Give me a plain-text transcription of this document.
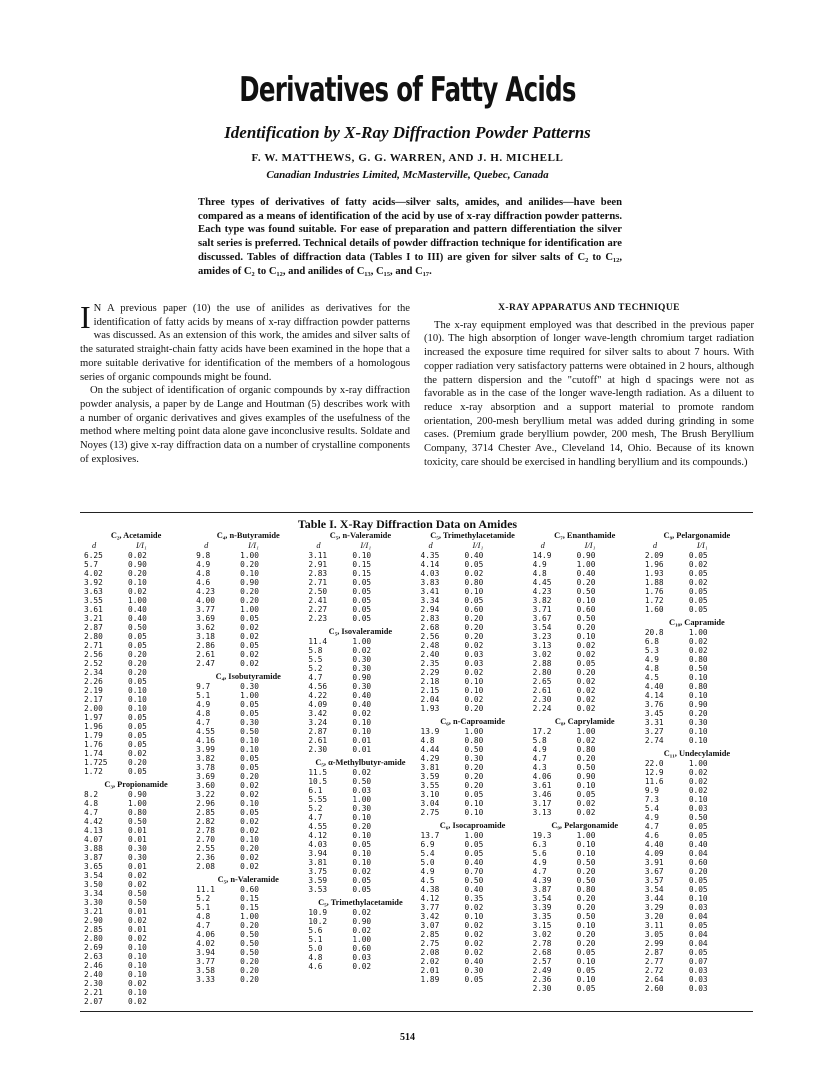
Derivatives of Fatty Acids
Identification by X-Ray Diffraction Powder Patterns
F. W. MATTHEWS, G. G. WARREN, AND J. H. MICHELL
Canadian Industries Limited, McMasterville, Quebec, Canada
Three types of derivatives of fatty acids—silver salts, amides, and anilides—have been compared as a means of identification of the acid by use of x-ray diffraction powder patterns. Each type was found suitable. For ease of preparation and pattern differentiation the silver salt series is preferred. Technical details of powder diffraction technique for identification are discussed. Tables of diffraction data (Tables I to III) are given for silver salts of C₂ to C₁₂, amides of C₂ to C₁₂, and anilides of C₁₃, C₁₅, and C₁₇.

I N A previous paper (10) the use of anilides as derivatives for the identification of fatty acids by means of x-ray diffraction powder patterns was discussed. As an extension of this work, the amides and silver salts of the saturated straight-chain fatty acids have been examined in the hope that a more suitable derivative for identification of the members of a homologous series of organic compounds might be found.

On the subject of identification of organic compounds by x-ray diffraction powder analysis, a paper by de Lange and Houtman (5) describes work with a number of organic derivatives and gives examples of the usefulness of the method where melting point data alone gave inconclusive results. Soldate and Noyes (13) give x-ray diffraction data on a number of crystalline components of explosives.

X-RAY APPARATUS AND TECHNIQUE

The x-ray equipment employed was that described in the previous paper (10). The high absorption of longer wave-length chromium target radiation increased the exposure time required for silver salts to about 7 hours. With copper radiation very satisfactory patterns were obtained in 2 hours, although the pattern dispersion and the "cutoff" at high d spacings were not as favorable as in the case of the longer wave-length radiation. As a diluent to reduce x-ray absorption and a support material to promote random orientation, 200-mesh beryllium metal was added during grinding in some cases. (Premium grade beryllium powder, 200 mesh, The Brush Beryllium Company, 3714 Chester Ave., Cleveland 14, Ohio. Because of its known toxicity, care should be exercised in handling beryllium and its compounds.)

Table I. X-Ray Diffraction Data on Amides
C₂, Acetamide
d	I/I₁
6.25	0.02
5.7	0.90
4.02	0.20
3.92	0.10
3.63	0.02
3.55	1.00
3.61	0.40
3.21	0.40
2.87	0.50
2.80	0.05
2.71	0.05
2.56	0.20
2.52	0.20
2.34	0.20
2.26	0.05
2.19	0.10
2.17	0.10
2.00	0.10
1.97	0.05
1.96	0.05
1.79	0.05
1.76	0.05
1.74	0.02
1.725	0.20
1.72	0.05
C₃, Propionamide
8.2	0.90
4.8	1.00
4.7	0.80
4.42	0.50
4.13	0.01
4.07	0.01
3.88	0.30
3.87	0.30
3.65	0.01
3.54	0.02
3.50	0.02
3.34	0.50
3.30	0.50
3.21	0.01
2.90	0.02
2.85	0.01
2.80	0.02
2.69	0.10
2.63	0.10
2.46	0.10
2.40	0.10
2.30	0.02
2.21	0.10
2.07	0.02
C₄, n-Butyramide
d	I/I₁
9.8	1.00
4.9	0.20
4.8	0.10
4.6	0.90
4.23	0.20
4.00	0.20
3.77	1.00
3.69	0.05
3.62	0.02
3.18	0.02
2.86	0.05
2.61	0.02
2.47	0.02
C₄, Isobutyramide
9.7	0.30
5.1	1.00
4.9	0.05
4.8	0.05
4.7	0.30
4.55	0.50
4.16	0.10
3.99	0.10
3.82	0.05
3.78	0.05
3.69	0.20
3.60	0.02
3.22	0.02
2.96	0.10
2.85	0.05
2.82	0.02
2.78	0.02
2.70	0.10
2.55	0.20
2.36	0.02
2.08	0.02
C₅, n-Valeramide
11.1	0.60
5.2	0.15
5.1	0.15
4.8	1.00
4.7	0.20
4.06	0.50
4.02	0.50
3.94	0.50
3.77	0.20
3.58	0.20
3.33	0.20
C₅, n-Valeramide
d	I/I₁
3.11	0.10
2.91	0.15
2.83	0.15
2.71	0.05
2.50	0.05
2.41	0.05
2.27	0.05
2.23	0.05
C₅, Isovaleramide
11.4	1.00
5.8	0.02
5.5	0.30
5.2	0.30
4.7	0.90
4.56	0.30
4.22	0.40
4.09	0.40
3.42	0.02
3.24	0.10
2.87	0.10
2.61	0.01
2.30	0.01
C₅, α-Methylbutyr-amide
11.5	0.02
10.5	0.50
6.1	0.03
5.55	1.00
5.2	0.30
4.7	0.10
4.55	0.20
4.12	0.10
4.03	0.05
3.94	0.10
3.81	0.10
3.75	0.02
3.59	0.05
3.53	0.05
C₅, Trimethylacetamide
10.9	0.02
10.2	0.90
5.6	0.02
5.1	1.00
5.0	0.60
4.8	0.03
4.6	0.02
C₅, Trimethylacetamide
d	I/I₁
4.35	0.40
4.14	0.05
4.03	0.02
3.83	0.80
3.41	0.10
3.34	0.05
2.94	0.60
2.83	0.20
2.68	0.20
2.56	0.20
2.48	0.02
2.40	0.03
2.35	0.03
2.29	0.02
2.18	0.10
2.15	0.10
2.04	0.02
1.93	0.20
C₆, n-Caproamide
13.9	1.00
4.8	0.80
4.44	0.50
4.29	0.30
3.81	0.20
3.59	0.20
3.55	0.20
3.10	0.05
3.04	0.10
2.75	0.10
C₆, Isocaproamide
13.7	1.00
6.9	0.05
5.4	0.05
5.0	0.40
4.9	0.70
4.5	0.50
4.38	0.40
4.12	0.35
3.77	0.02
3.42	0.10
3.07	0.02
2.85	0.02
2.75	0.02
2.08	0.02
2.02	0.40
2.01	0.30
1.89	0.05
C₇, Enanthamide
d	I/I₁
14.9	0.90
4.9	1.00
4.8	0.40
4.45	0.20
4.23	0.50
3.82	0.10
3.71	0.60
3.67	0.50
3.54	0.20
3.23	0.10
3.13	0.02
3.02	0.02
2.88	0.05
2.80	0.20
2.65	0.02
2.61	0.02
2.30	0.02
2.24	0.02
C₈, Caprylamide
17.2	1.00
5.8	0.02
4.9	0.80
4.7	0.20
4.3	0.50
4.06	0.90
3.61	0.10
3.46	0.05
3.17	0.02
3.13	0.02
C₉, Pelargonamide
19.3	1.00
6.3	0.10
5.6	0.10
4.9	0.50
4.7	0.20
4.39	0.50
3.87	0.80
3.54	0.20
3.39	0.20
3.35	0.50
3.15	0.10
3.02	0.20
2.78	0.20
2.68	0.05
2.57	0.10
2.49	0.05
2.36	0.10
2.30	0.05
C₉, Pelargonamide
d	I/I₁
2.09	0.05
1.96	0.02
1.93	0.05
1.88	0.02
1.76	0.05
1.72	0.05
1.60	0.05
C₁₀, Capramide
20.8	1.00
6.8	0.02
5.3	0.02
4.9	0.80
4.8	0.50
4.5	0.10
4.40	0.80
4.14	0.10
3.76	0.90
3.45	0.20
3.31	0.30
3.27	0.10
2.74	0.10
C₁₁, Undecylamide
22.0	1.00
12.9	0.02
11.6	0.02
9.9	0.02
7.3	0.10
5.4	0.03
4.9	0.50
4.7	0.05
4.6	0.05
4.40	0.40
4.09	0.04
3.91	0.60
3.67	0.20
3.57	0.05
3.54	0.05
3.44	0.10
3.29	0.03
3.20	0.04
3.11	0.05
3.05	0.04
2.99	0.04
2.87	0.05
2.77	0.07
2.72	0.03
2.64	0.03
2.60	0.03
514
